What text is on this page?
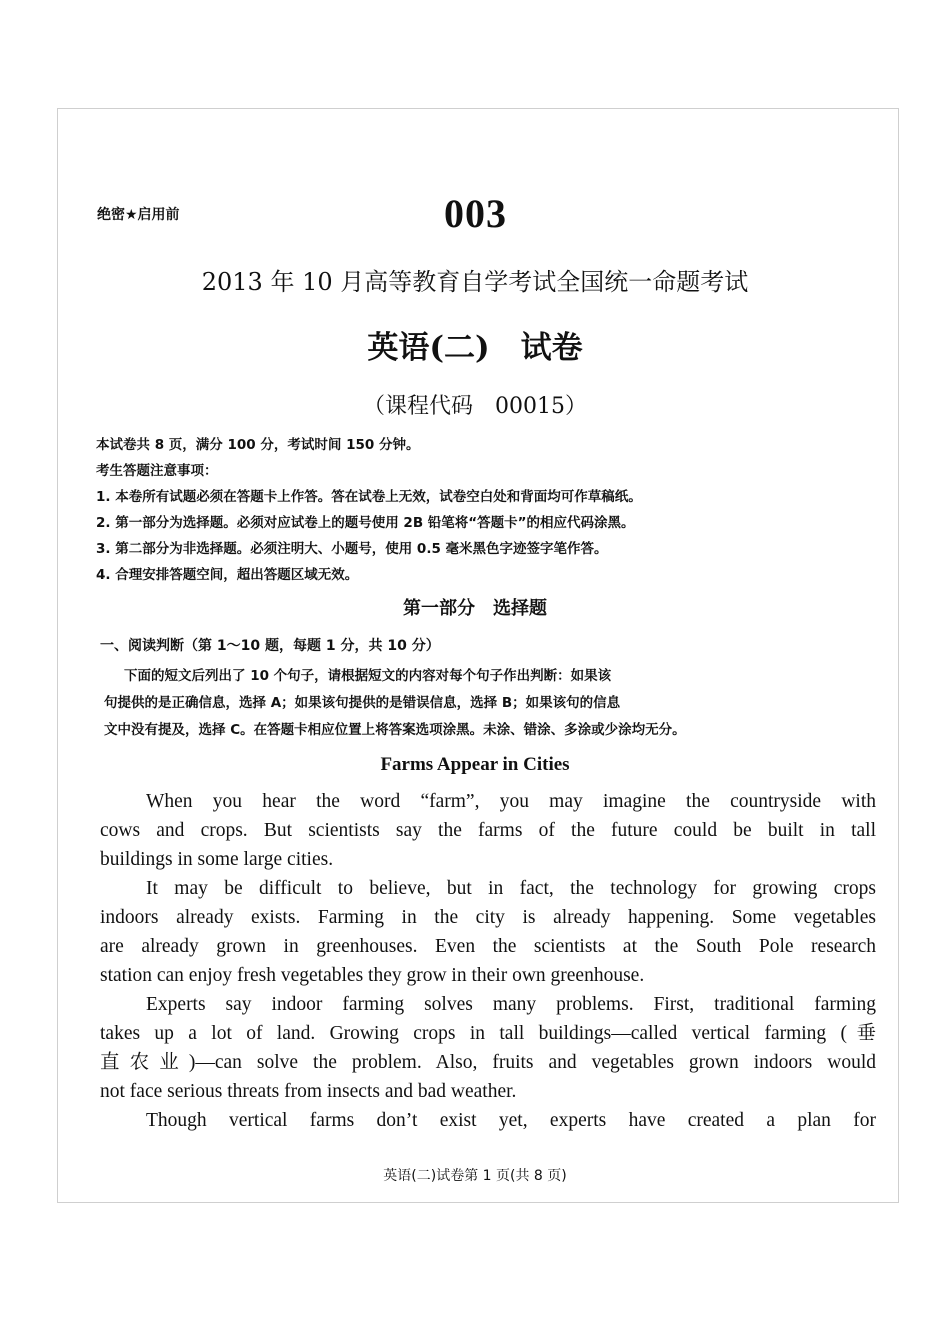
绝密★启用前	003
2013 年 10 月高等教育自学考试全国统一命题考试
英语(二)　试卷
（课程代码　00015）
本试卷共 8 页，满分 100 分，考试时间 150 分钟。
考生答题注意事项：
1. 本卷所有试题必须在答题卡上作答。答在试卷上无效，试卷空白处和背面均可作草稿纸。
2. 第一部分为选择题。必须对应试卷上的题号使用 2B 铅笔将“答题卡”的相应代码涂黑。
3. 第二部分为非选择题。必须注明大、小题号，使用 0.5 毫米黑色字迹签字笔作答。
4. 合理安排答题空间，超出答题区域无效。
第一部分　选择题
一、阅读判断（第 1～10 题，每题 1 分，共 10 分）
下面的短文后列出了 10 个句子，请根据短文的内容对每个句子作出判断：如果该
句提供的是正确信息，选择 A；如果该句提供的是错误信息，选择 B；如果该句的信息
文中没有提及，选择 C。在答题卡相应位置上将答案选项涂黑。未涂、错涂、多涂或少涂均无分。
Farms Appear in Cities
When you hear the word “farm”, you may imagine the countryside with
cows and crops. But scientists say the farms of the future could be built in tall
buildings in some large cities.
It may be difficult to believe, but in fact, the technology for growing crops
indoors already exists. Farming in the city is already happening. Some vegetables
are already grown in greenhouses. Even the scientists at the South Pole research
station can enjoy fresh vegetables they grow in their own greenhouse.
Experts say indoor farming solves many problems. First, traditional farming
takes up a lot of land. Growing crops in tall buildings—called vertical farming (垂
直农业)—can solve the problem. Also, fruits and vegetables grown indoors would
not face serious threats from insects and bad weather.
Though vertical farms don’t exist yet, experts have created a plan for
英语(二)试卷第 1 页(共 8 页)
